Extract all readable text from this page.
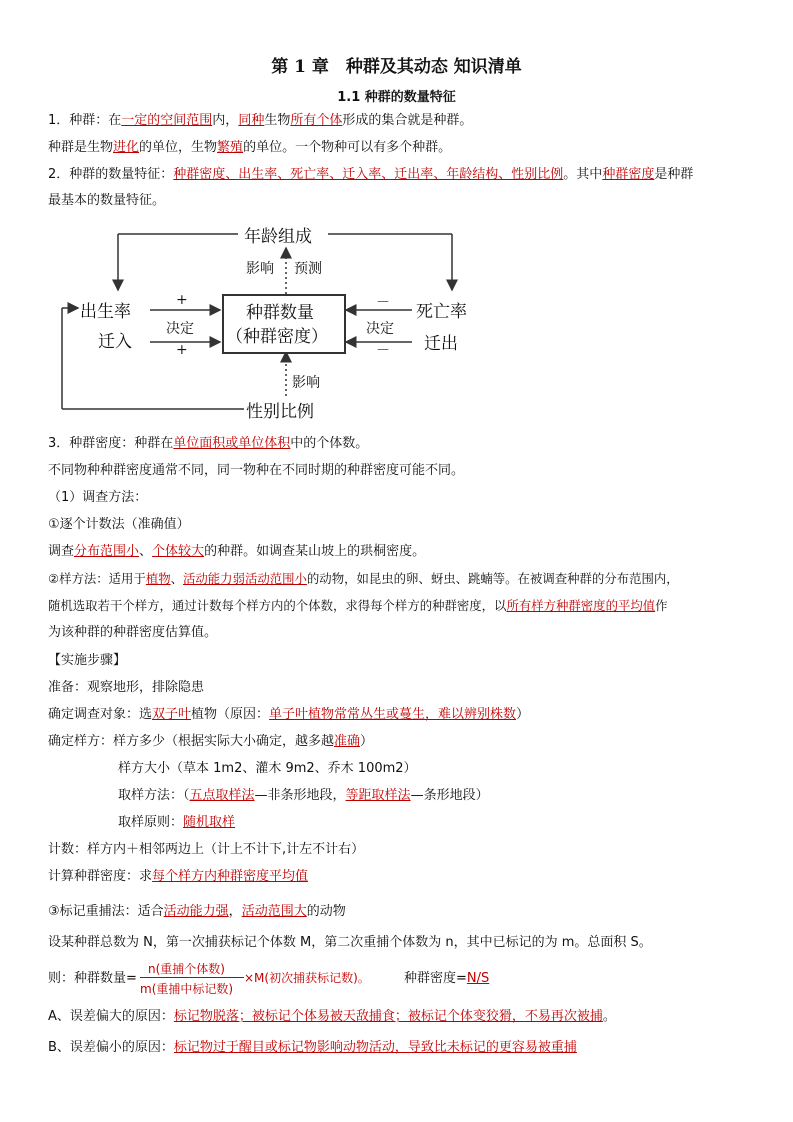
第 1 章　种群及其动态 知识清单
1.1 种群的数量特征
1．种群：在一定的空间范围内，同种生物所有个体形成的集合就是种群。
种群是生物进化的单位，生物繁殖的单位。一个物种可以有多个种群。
2．种群的数量特征：种群密度、出生率、死亡率、迁入率、迁出率、年龄结构、性别比例。其中种群密度是种群
最基本的数量特征。
年龄组成
影响 预测
出生率
迁入
+
决定
+
种群数量
（种群密度）
－
决定
－
死亡率
迁出
影响
性别比例
3．种群密度：种群在单位面积或单位体积中的个体数。
不同物种种群密度通常不同，同一物种在不同时期的种群密度可能不同。
（1）调查方法：
①逐个计数法（准确值）
调查分布范围小、个体较大的种群。如调查某山坡上的珙桐密度。
②样方法：适用于植物、活动能力弱活动范围小的动物，如昆虫的卵、蚜虫、跳蝻等。在被调查种群的分布范围内，
随机选取若干个样方，通过计数每个样方内的个体数，求得每个样方的种群密度，以所有样方种群密度的平均值作
为该种群的种群密度估算值。
【实施步骤】
准备：观察地形，排除隐患
确定调查对象：选双子叶植物（原因：单子叶植物常常丛生或蔓生，难以辨别株数）
确定样方：样方多少（根据实际大小确定，越多越准确）
样方大小（草本 1m2、灌木 9m2、乔木 100m2）
取样方法：（五点取样法—非条形地段，等距取样法—条形地段）
取样原则：随机取样
计数：样方内＋相邻两边上（计上不计下,计左不计右）
计算种群密度：求每个样方内种群密度平均值
③标记重捕法：适合活动能力强，活动范围大的动物
设某种群总数为 N，第一次捕获标记个体数 M，第二次重捕个体数为 n，其中已标记的为 m。总面积 S。
则：种群数量=
n(重捕个体数)
m(重捕中标记数)
×M(初次捕获标记数)。	种群密度=N/S
A、误差偏大的原因：标记物脱落；被标记个体易被天敌捕食；被标记个体变狡猾，不易再次被捕。
B、误差偏小的原因：标记物过于醒目或标记物影响动物活动，导致比未标记的更容易被重捕
